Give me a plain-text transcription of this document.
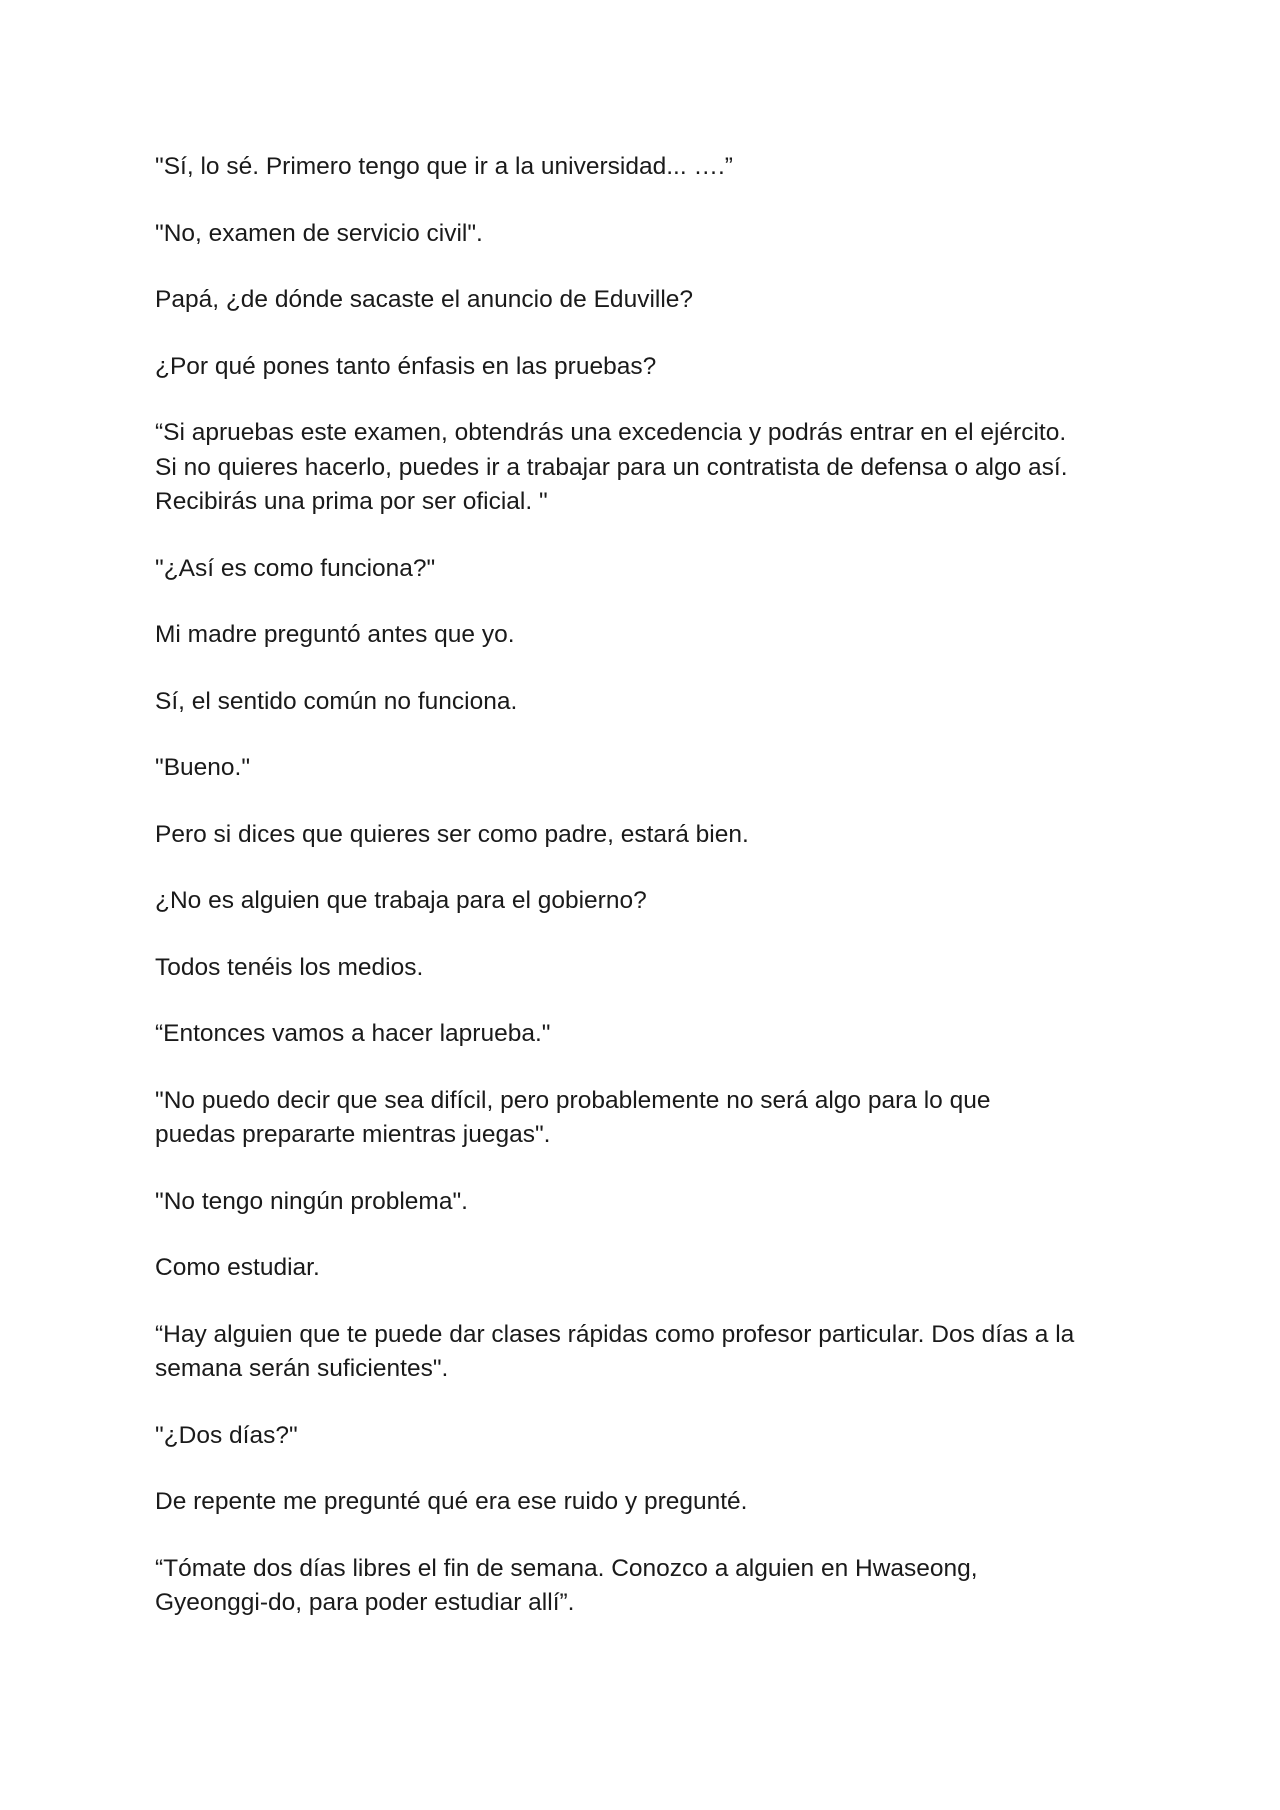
"Sí, lo sé. Primero tengo que ir a la universidad... ….”

"No, examen de servicio civil".

Papá, ¿de dónde sacaste el anuncio de Eduville?

¿Por qué pones tanto énfasis en las pruebas?

“Si apruebas este examen, obtendrás una excedencia y podrás entrar en el ejército.
Si no quieres hacerlo, puedes ir a trabajar para un contratista de defensa o algo así.
Recibirás una prima por ser oficial. "

"¿Así es como funciona?"

Mi madre preguntó antes que yo.

Sí, el sentido común no funciona.

"Bueno."

Pero si dices que quieres ser como padre, estará bien.

¿No es alguien que trabaja para el gobierno?

Todos tenéis los medios.

“Entonces vamos a hacer laprueba."

"No puedo decir que sea difícil, pero probablemente no será algo para lo que
puedas prepararte mientras juegas".

"No tengo ningún problema".

Como estudiar.

“Hay alguien que te puede dar clases rápidas como profesor particular. Dos días a la
semana serán suficientes".

"¿Dos días?"

De repente me pregunté qué era ese ruido y pregunté.

“Tómate dos días libres el fin de semana. Conozco a alguien en Hwaseong,
Gyeonggi-do, para poder estudiar allí”.
